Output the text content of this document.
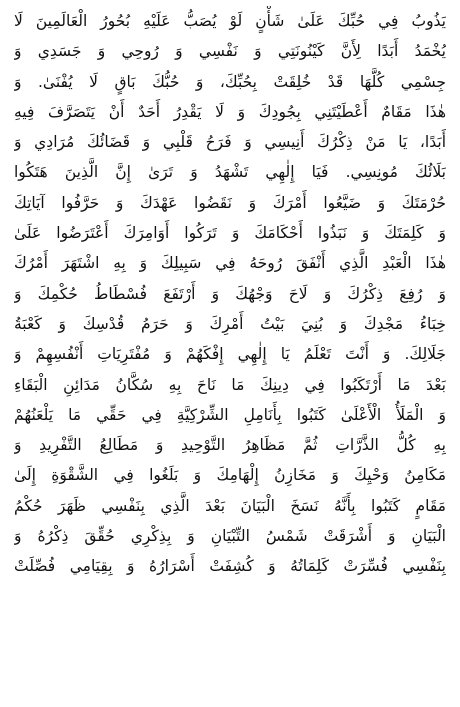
يَذُوبُ فِي حُبِّكَ عَلَىٰ شَأْنٍ لَوْ يُصَبُّ عَلَيْهِ بُحُورُ الْعَالَمِينَ لَا
يُخْمَدُ أَبَدًا لِأَنَّ كَيْنُونَتِي وَ نَفْسِي وَ رُوحِي وَ جَسَدِي وَ
جِسْمِي كُلَّهَا قَدْ خُلِقَتْ بِحُبِّكَ، وَ حُبُّكَ بَاقٍ لَا يُفْنَىٰ. وَ
هٰذَا مَقَامٌ أَعْطَيْتَنِي بِجُودِكَ وَ لَا يَقْدِرُ أَحَدٌ أَنْ يَتَصَرَّفَ فِيهِ
أَبَدًا، يَا مَنْ ذِكْرُكَ أَنِيسِي وَ فَرَحُ قَلْبِي وَ قَضَائُكَ مُرَادِي وَ
بَلَائُكَ مُونِسِي. فَيَا إِلٰهِي تَشْهَدُ وَ تَرَىٰ إِنَّ الَّذِينَ هَتَكُوا
حُرْمَتَكَ وَ ضَيَّعُوا أَمْرَكَ وَ نَقَضُوا عَهْدَكَ وَ حَرَّفُوا آيَاتِكَ
وَ كَلِمَتَكَ وَ نَبَذُوا أَحْكَامَكَ وَ تَرَكُوا أَوَامِرَكَ أَعْتَرَضُوا عَلَىٰ
هٰذَا الْعَبْدِ الَّذِي أَنْفَقَ رُوحَهُ فِي سَبِيلِكَ وَ بِهِ اشْتَهَرَ أَمْرُكَ
وَ رُفِعَ ذِكْرُكَ وَ لَاحَ وَجْهُكَ وَ أَرْتَفَعَ فُسْطَاطُ حُكْمِكَ وَ
خِبَاءُ مَجْدِكَ وَ بُنِيَ بَيْتُ أَمْرِكَ وَ حَرَمُ قُدْسِكَ وَ كَعْبَةُ
جَلَالِكَ. وَ أَنْتَ تَعْلَمُ يَا إِلٰهِي إِفْكَهُمْ وَ مُفْتَرِيَاتِ أَنْفُسِهِمْ وَ
بَعْدَ مَا أَرْتَكَبُوا فِي دِينِكَ مَا نَاحَ بِهِ سُكَّانُ مَدَائِنِ الْبَقَاءِ
وَ الْمَلَأُ الْأَعْلَىٰ كَتَبُوا بِأَنَامِلِ الشِّرْكِيَّةِ فِي حَقِّي مَا يَلْعَنُهُمْ
بِهِ كُلُّ الذَّرَّاتِ ثُمَّ مَظَاهِرُ التَّوْحِيدِ وَ مَطَالِعُ التَّفْرِيدِ وَ
مَكَامِنُ وَحْيِكَ وَ مَخَازِنُ إِلْهَامِكَ وَ بَلَغُوا فِي الشَّقْوَةِ إِلَىٰ
مَقَامٍ كَتَبُوا بِأَنَّهُ نَسَخَ الْبَيَانَ بَعْدَ الَّذِي بِنَفْسِي ظَهَرَ حُكْمُ
الْبَيَانِ وَ أَشْرَقَتْ شَمْسُ التِّبْيَانِ وَ بِذِكْرِي حُقِّقَ ذِكْرُهُ وَ
بِنَفْسِي فُسِّرَتْ كَلِمَاتُهُ وَ كُشِفَتْ أَسْرَارُهُ وَ بِقِيَامِي فُصِّلَتْ
